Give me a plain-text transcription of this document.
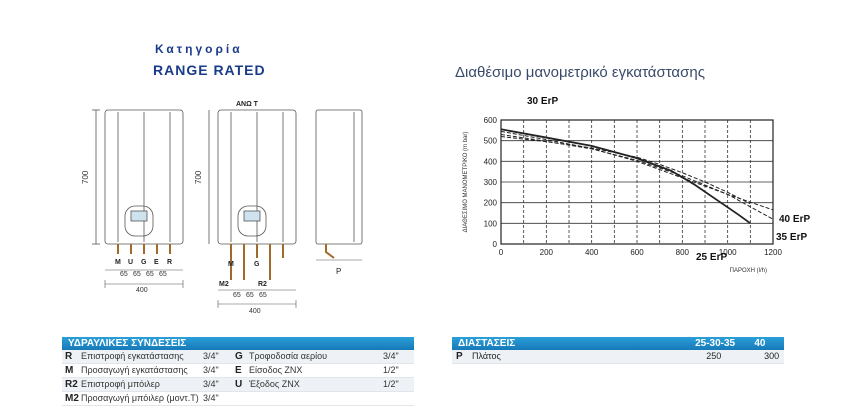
Κατηγορία
RANGE RATED
700
M U G E R
65 65 65 65
400
ΑΝΩ Τ
700
M	G
M2	R2
65 65 65
400
P
Διαθέσιμο μανομετρικό εγκατάστασης
0	200	400	600	800	1000	1200
0
100
200
300
400
500
600
30 ErP
40 ErP
35 ErP
25 ErP
ΠΑΡΟΧΗ (l/h)
ΔΙΑΘΕΣΙΜΟ ΜΑΝΟΜΕΤΡΙΚΟ (m bar)
ΥΔΡΑΥΛΙΚΕΣ ΣΥΝΔΕΣΕΙΣ
R Επιστροφή εγκατάστασης	3/4"	G Τροφοδοσία αερίου	3/4"
M Προσαγωγή εγκατάστασης	3/4"	E Είσοδος ΖΝΧ	1/2"
R2 Επιστροφή μπόιλερ	3/4"	U Έξοδος ΖΝΧ	1/2"
M2 Προσαγωγή μπόιλερ (μοντ.T) 3/4"
ΔΙΑΣΤΑΣΕΙΣ	25-30-35	40
P	Πλάτος	250	300
